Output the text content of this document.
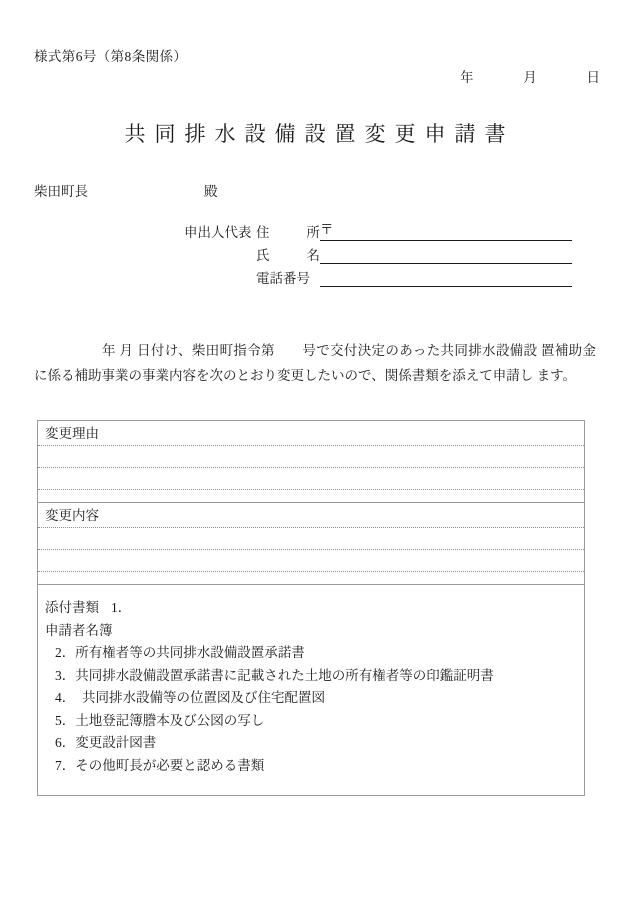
様式第6号（第8条関係）
年	月	日
共同排水設備設置変更申請書
柴田町長	殿
〒
申出人代表 住所
氏名
電話番号
年 月 日付け、柴田町指令第　　号で交付決定のあった共同排水設備設 置補助金に係る補助事業の事業内容を次のとおり変更したいので、関係書類を添えて申請し ます。
変更理由
変更内容
添付書類 1．
申請者名簿
2．所有権者等の共同排水設備設置承諾書
3．共同排水設備設置承諾書に記載された土地の所有権者等の印鑑証明書
4．　共同排水設備等の位置図及び住宅配置図
5．土地登記簿謄本及び公図の写し
6．変更設計図書
7．その他町長が必要と認める書類
